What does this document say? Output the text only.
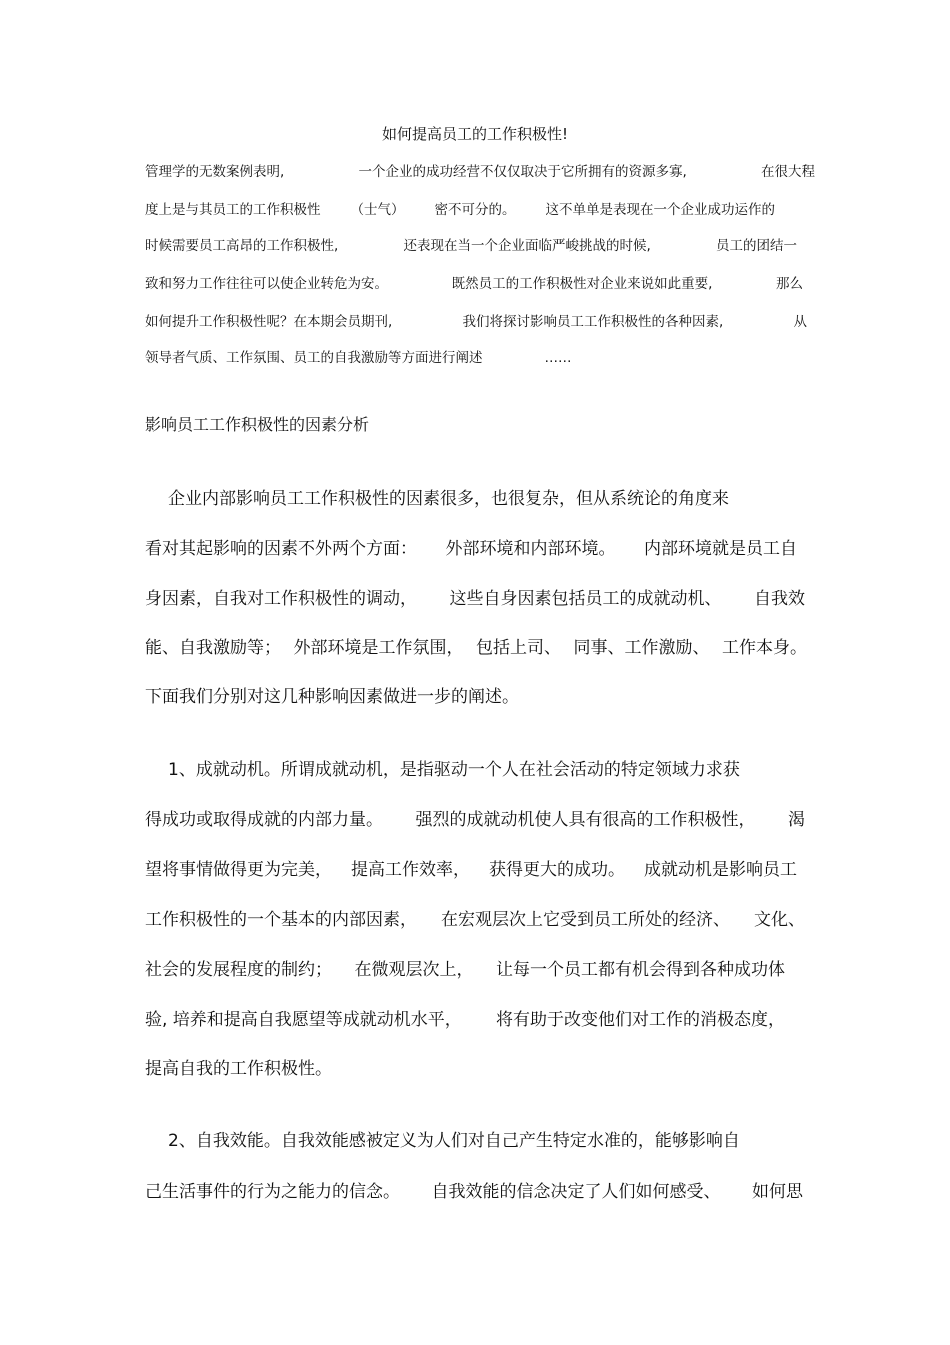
如何提高员工的工作积极性!
管理学的无数案例表明,	一个企业的成功经营不仅仅取决于它所拥有的资源多寡,	在很大程
度上是与其员工的工作积极性 （士气） 密不可分的。 这不单单是表现在一个企业成功运作的
时候需要员工高昂的工作积极性,	还表现在当一个企业面临严峻挑战的时候,	员工的团结一
致和努力工作往往可以使企业转危为安。	既然员工的工作积极性对企业来说如此重要,	那么
如何提升工作积极性呢？在本期会员期刊,	我们将探讨影响员工工作积极性的各种因素,	从
领导者气质、工作氛围、员工的自我激励等方面进行阐述	……
影响员工工作积极性的因素分析
企业内部影响员工工作积极性的因素很多，也很复杂，但从系统论的角度来
看对其起影响的因素不外两个方面： 外部环境和内部环境。 内部环境就是员工自
身因素，自我对工作积极性的调动， 这些自身因素包括员工的成就动机、 自我效
能、自我激励等； 外部环境是工作氛围， 包括上司、 同事、工作激励、 工作本身。
下面我们分别对这几种影响因素做进一步的阐述。
1、成就动机。所谓成就动机，是指驱动一个人在社会活动的特定领域力求获
得成功或取得成就的内部力量。 强烈的成就动机使人具有很高的工作积极性， 渴
望将事情做得更为完美， 提高工作效率， 获得更大的成功。 成就动机是影响员工
工作积极性的一个基本的内部因素， 在宏观层次上它受到员工所处的经济、 文化、
社会的发展程度的制约； 在微观层次上， 让每一个员工都有机会得到各种成功体
验, 培养和提高自我愿望等成就动机水平， 将有助于改变他们对工作的消极态度，
提高自我的工作积极性。
2、自我效能。自我效能感被定义为人们对自己产生特定水准的，能够影响自
己生活事件的行为之能力的信念。 自我效能的信念决定了人们如何感受、 如何思
